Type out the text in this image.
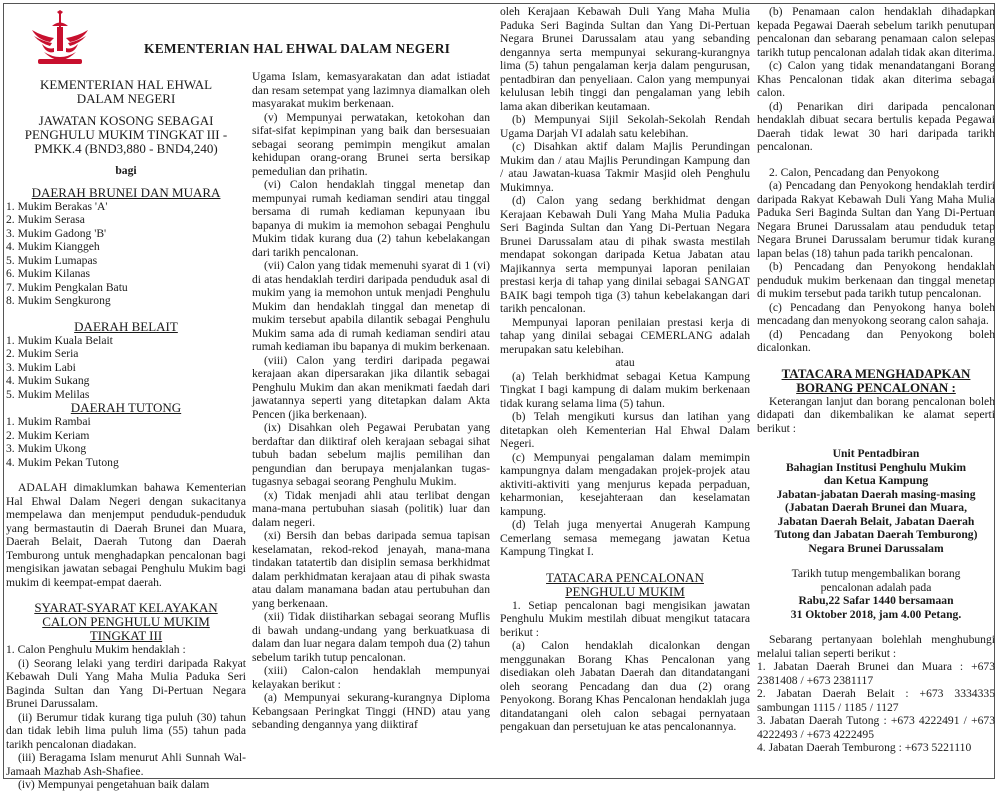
KEMENTERIAN HAL EHWAL DALAM NEGERI
KEMENTERIAN HAL EHWAL
DALAM NEGERI
JAWATAN KOSONG SEBAGAI
PENGHULU MUKIM TINGKAT III -
PMKK.4 (BND3,880 - BND4,240)
bagi
DAERAH BRUNEI DAN MUARA
1. Mukim Berakas 'A'
2. Mukim Serasa
3. Mukim Gadong 'B'
4. Mukim Kianggeh
5. Mukim Lumapas
6. Mukim Kilanas
7. Mukim Pengkalan Batu
8. Mukim Sengkurong
DAERAH BELAIT
1. Mukim Kuala Belait
2. Mukim Seria
3. Mukim Labi
4. Mukim Sukang
5. Mukim Melilas
DAERAH TUTONG
1. Mukim Rambai
2. Mukim Keriam
3. Mukim Ukong
4. Mukim Pekan Tutong

ADALAH dimaklumkan bahawa Kementerian Hal Ehwal Dalam Negeri dengan sukacitanya mempelawa dan menjemput penduduk-penduduk yang bermastautin di Daerah Brunei dan Muara, Daerah Belait, Daerah Tutong dan Daerah Temburong untuk menghadapkan pencalonan bagi mengisikan jawatan sebagai Penghulu Mukim bagi mukim di keempat-empat daerah.

SYARAT-SYARAT KELAYAKAN
CALON PENGHULU MUKIM
TINGKAT III

1. Calon Penghulu Mukim hendaklah :

(i) Seorang lelaki yang terdiri daripada Rakyat Kebawah Duli Yang Maha Mulia Paduka Seri Baginda Sultan dan Yang Di-Pertuan Negara Brunei Darussalam.

(ii) Berumur tidak kurang tiga puluh (30) tahun dan tidak lebih lima puluh lima (55) tahun pada tarikh pencalonan diadakan.

(iii) Beragama Islam menurut Ahli Sunnah Wal-Jamaah Mazhab Ash-Shafiee.

(iv) Mempunyai pengetahuan baik dalam

Ugama Islam, kemasyarakatan dan adat istiadat dan resam setempat yang lazimnya diamalkan oleh masyarakat mukim berkenaan.

(v) Mempunyai perwatakan, ketokohan dan sifat-sifat kepimpinan yang baik dan bersesuaian sebagai seorang pemimpin mengikut amalan kehidupan orang-orang Brunei serta bersikap pemedulian dan prihatin.

(vi) Calon hendaklah tinggal menetap dan mempunyai rumah kediaman sendiri atau tinggal bersama di rumah kediaman kepunyaan ibu bapanya di mukim ia memohon sebagai Penghulu Mukim tidak kurang dua (2) tahun kebelakangan dari tarikh pencalonan.

(vii) Calon yang tidak memenuhi syarat di 1 (vi) di atas hendaklah terdiri daripada penduduk asal di mukim yang ia memohon untuk menjadi Penghulu Mukim dan hendaklah tinggal dan menetap di mukim tersebut apabila dilantik sebagai Penghulu Mukim sama ada di rumah kediaman sendiri atau rumah kediaman ibu bapanya di mukim berkenaan.

(viii) Calon yang terdiri daripada pegawai kerajaan akan dipersarakan jika dilantik sebagai Penghulu Mukim dan akan menikmati faedah dari jawatannya seperti yang ditetapkan dalam Akta Pencen (jika berkenaan).

(ix) Disahkan oleh Pegawai Perubatan yang berdaftar dan diiktiraf oleh kerajaan sebagai sihat tubuh badan sebelum majlis pemilihan dan pengundian dan berupaya menjalankan tugas-tugasnya sebagai seorang Penghulu Mukim.

(x) Tidak menjadi ahli atau terlibat dengan mana-mana pertubuhan siasah (politik) luar dan dalam negeri.

(xi) Bersih dan bebas daripada semua tapisan keselamatan, rekod-rekod jenayah, mana-mana tindakan tatatertib dan disiplin semasa berkhidmat dalam perkhidmatan kerajaan atau di pihak swasta atau dalam manamana badan atau pertubuhan dan yang berkenaan.

(xii) Tidak diistiharkan sebagai seorang Muflis di bawah undang-undang yang berkuatkuasa di dalam dan luar negara dalam tempoh dua (2) tahun sebelum tarikh tutup pencalonan.

(xiii) Calon-calon hendaklah mempunyai kelayakan berikut :

(a) Mempunyai sekurang-kurangnya Diploma Kebangsaan Peringkat Tinggi (HND) atau yang sebanding dengannya yang diiktiraf

oleh Kerajaan Kebawah Duli Yang Maha Mulia Paduka Seri Baginda Sultan dan Yang Di-Pertuan Negara Brunei Darussalam atau yang sebanding dengannya serta mempunyai sekurang-kurangnya lima (5) tahun pengalaman kerja dalam pengurusan, pentadbiran dan penyeliaan. Calon yang mempunyai kelulusan lebih tinggi dan pengalaman yang lebih lama akan diberikan keutamaan.

(b) Mempunyai Sijil Sekolah-Sekolah Rendah Ugama Darjah VI adalah satu kelebihan.

(c) Disahkan aktif dalam Majlis Perundingan Mukim dan / atau Majlis Perundingan Kampung dan / atau Jawatan-kuasa Takmir Masjid oleh Penghulu Mukimnya.

(d) Calon yang sedang berkhidmat dengan Kerajaan Kebawah Duli Yang Maha Mulia Paduka Seri Baginda Sultan dan Yang Di-Pertuan Negara Brunei Darussalam atau di pihak swasta mestilah mendapat sokongan daripada Ketua Jabatan atau Majikannya serta mempunyai laporan penilaian prestasi kerja di tahap yang dinilai sebagai SANGAT BAIK bagi tempoh tiga (3) tahun kebelakangan dari tarikh pencalonan.

Mempunyai laporan penilaian prestasi kerja di tahap yang dinilai sebagai CEMERLANG adalah merupakan satu kelebihan.

atau

(a) Telah berkhidmat sebagai Ketua Kampung Tingkat I bagi kampung di dalam mukim berkenaan tidak kurang selama lima (5) tahun.

(b) Telah mengikuti kursus dan latihan yang ditetapkan oleh Kementerian Hal Ehwal Dalam Negeri.

(c) Mempunyai pengalaman dalam memimpin kampungnya dalam mengadakan projek-projek atau aktiviti-aktiviti yang menjurus kepada perpaduan, keharmonian, kesejahteraan dan keselamatan kampung.

(d) Telah juga menyertai Anugerah Kampung Cemerlang semasa memegang jawatan Ketua Kampung Tingkat I.

TATACARA PENCALONAN
PENGHULU MUKIM

1. Setiap pencalonan bagi mengisikan jawatan Penghulu Mukim mestilah dibuat mengikut tatacara berikut :

(a) Calon hendaklah dicalonkan dengan menggunakan Borang Khas Pencalonan yang disediakan oleh Jabatan Daerah dan ditandatangani oleh seorang Pencadang dan dua (2) orang Penyokong. Borang Khas Pencalonan hendaklah juga ditandatangani oleh calon sebagai pernyataan pengakuan dan persetujuan ke atas pencalonannya.

(b) Penamaan calon hendaklah dihadapkan kepada Pegawai Daerah sebelum tarikh penutupan pencalonan dan sebarang penamaan calon selepas tarikh tutup pencalonan adalah tidak akan diterima.

(c) Calon yang tidak menandatangani Borang Khas Pencalonan tidak akan diterima sebagai calon.

(d) Penarikan diri daripada pencalonan hendaklah dibuat secara bertulis kepada Pegawai Daerah tidak lewat 30 hari daripada tarikh pencalonan.

2. Calon, Pencadang dan Penyokong

(a) Pencadang dan Penyokong hendaklah terdiri daripada Rakyat Kebawah Duli Yang Maha Mulia Paduka Seri Baginda Sultan dan Yang Di-Pertuan Negara Brunei Darussalam atau penduduk tetap Negara Brunei Darussalam berumur tidak kurang lapan belas (18) tahun pada tarikh pencalonan.

(b) Pencadang dan Penyokong hendaklah penduduk mukim berkenaan dan tinggal menetap di mukim tersebut pada tarikh tutup pencalonan.

(c) Pencadang dan Penyokong hanya boleh mencadang dan menyokong seorang calon sahaja.

(d) Pencadang dan Penyokong boleh dicalonkan.

TATACARA MENGHADAPKAN
BORANG PENCALONAN :

Keterangan lanjut dan borang pencalonan boleh didapati dan dikembalikan ke alamat seperti berikut :

Unit Pentadbiran
Bahagian Institusi Penghulu Mukim
dan Ketua Kampung
Jabatan-jabatan Daerah masing-masing
(Jabatan Daerah Brunei dan Muara,
Jabatan Daerah Belait, Jabatan Daerah
Tutong dan Jabatan Daerah Temburong)
Negara Brunei Darussalam
Tarikh tutup mengembalikan borang
pencalonan adalah pada
Rabu,22 Safar 1440 bersamaan
31 Oktober 2018, jam 4.00 Petang.

Sebarang pertanyaan bolehlah menghubungi melalui talian seperti berikut :

1. Jabatan Daerah Brunei dan Muara : +673 2381408 / +673 2381117

2. Jabatan Daerah Belait : +673 3334335 sambungan 1115 / 1185 / 1127

3. Jabatan Daerah Tutong : +673 4222491 / +673 4222493 / +673 4222495

4. Jabatan Daerah Temburong : +673 5221110
